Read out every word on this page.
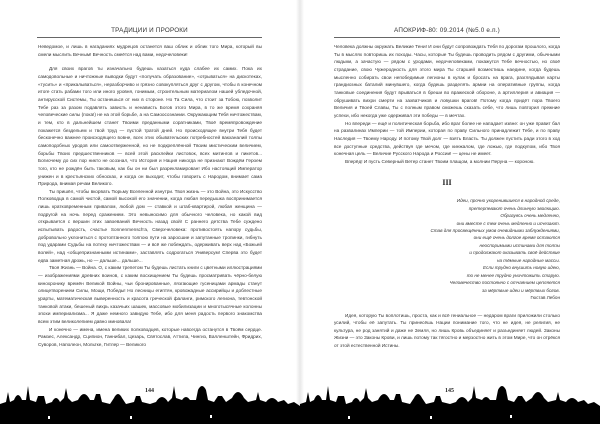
ТРАДИЦИИ И ПРОРОКИ

Неведомое, и лишь в нагаданиях мудрецов останется ваш облик и облик того Мира, который вы смели мыслить Вечным! Вечность смеётся над вами, недочеловеки!

Для своих врагов ты изначально будешь казаться куда слабее их самих. Пока их самодовольные и ничтожные выводки будут «получать образование», «отрываться» на дискотеках, «тусить» и «прикалываться», неразборчиво и грязно совокупляться друг с другом, чтобы в конечном итоге стать рабами того или иного уровня, гонимым, строительным материалом нашей убледочной, антирусской Системы, Ты останешься от них в стороне. Но Та Сила, что стоит за Тобою, позволит Тебе раз за разом подавлять зависть и ненависть Богов этого Мира, в то же время сохраняя человеческие силы (пока!) не на этой борьбе, а на Самоосознании. Окружающим Тебя ничтожествам, и тем, кто в дальнейшем станет Твоими преданными соратниками, Твоё времяпровождение покажется бездельем и твой труд — пустой тратой дней. Но происходящее внутри Тебя будет бесконечно важнее происходящего вовне, всех этих обывательских потребностей вакханалий толпы самоподобных уродов или самоотверженной, но не подкреплённой Твоим мистическим величием, борьбы Твоих предшественников — всей этой расклейки листовок, всех митингов и пикетов... Богиочему до сих пор никто не осознал, что История и Нация никогда не признают Вождём Героем того, кто не рождён быть таковым, как бы он ни был разрекламирован! Ибо настоящий Император унижен и в крестьянских обносках, и когда он выходит, чтобы говорить с Народом, внимает сама Природа, внимая речам Великого.

Ты пришёл, чтобы вкорвать Тюрьму Вселенной изнутри. Твоя жизнь — это Война, это Искусство Полководца в самой чистой, самой высокой его значении, когда любая передышка воспринимается лишь кратковременным привалом, любой дом — ставкой и штаб-квартирой, любая женщина — подругой на ночь перед сражением. Это невыносимо для обычного человека, но какой вид открывается с вершин этих завоеваний Вечность назад свой! С раннего детства Тебе суждено испытывать радость, счастье Sonnenmensch'а, Сверхчеловека: противостоять напору судьбы, добровольно уклониться с протоптанного толпою пути на заросшие и запутанные тропинки, гибнуть под ударами Судьбы на потеху ничтожествам — и всё же побеждать, одерживать верх над «Божьей волей», над «общепризнанными истинами», заставлять содрогаться Универсум! Сперва это будет едва заметная дрожь, но — дальше... дальше...

Твоя Жизнь — Война. О, с каким трепетом Ты будешь листать книги с цветными иллюстрациями — изображениями древних воинов, с каким восхищением Ты будешь просматривать чёрно-белую кинохронику времён Великой Войны, чьи бронированные, лязгающие гусеницами армады станут олицетворением Силы, Мощи, Победы! Но лесницы египтян, кровожадные ассирийцы и доблестные урарты, математическая выверенность и красота греческой фаланги, римского легиона, тевтонской танковой атаки, бешеный вихрь казачьих шашек, массовые мобилизации и многотысячные колонны эпохи империализма... Я даже немного завидую Тебе, ибо для меня радость первого знакомства всем этим великолепием давно миновала!

И конечно — имена, имена великих полководцев, которые навсегда останутся в Твоём сердце. Рамзес, Александр, Сципион, Ганнибал, Цезарь, Святослав, Аттила, Чингиз, Валленштейн, Фридрих, Суворов, Наполеон, Мольтке, Гитлер — Великого

144
АПОКРИФ-80: 09.2014 (№5.0 е.п.)

Человека должны окружать Великие Тени! И они будут сопровождать Тебя по дорогам прошлого, когда Ты в мыслях повторишь их походы. Часы, которые Ты будешь проводить рядом с другими, обычными людьми, а зачастую — рядом с уродами, недочеловеками, покажутся Тебе вечностью, но своё страдание, свою Чужеродность для этого мира Ты старшей возместишь наедине, когда будешь мысленно собирать свои непобедимые легионы в кулак и бросать на врага, разглядывая карты грандиозных баталий минувшего, когда будешь разделять армии на оперативные группы, когда танковые соединения будут врываться в бреши во вражеской обороне, а артиллерия и авиация — обрушивать вихри смерти на захватчиков и ловушки врагов! Потому когда придёт пора Твоего Величия и Твоей Славы, Ты с полным правом сможешь сказать себе, что лишь повторил прежние успехи, ибо некогда уже одерживал эти победы — в мечтах.

Но впереди — ещё и политическая борьба, ибо враг более не нападает извне: он уже правит бал на развалинах Империи — той Империи, которая по праву Сильного принадлежит Тебе, и по праву Наследия — Твоему Народу. И потому Твой долг — взять Власть. Ты должен пустить ради этого в ход все доступные средства, действуя где мечом, где кинжалом, где ложью, где подкупом, ибо Твоя конечная цель — Величие Русского Народа и России! — цены не имеет.

Вперёд! И пусть Северный Ветер станет Твоим плащом, а молнии Перуна — короною.

III
Идеи, прочно укоренившиеся в народной среде,
претерпевают очень длинную эволюцию.
Образуясь очень медленно,
они вместе с тем очень медленно и исчезают.
Став для просвещённых умов очевидными заблуждениями,
они ещё очень долгое время остаются
неоспоримыми истинами для толпы
и продолжают оказывать своё действие
на тёмные народные массы.
Если трудно внушить новую идею,
то не менее трудно уничтожить старую.
Человечество постоянно с отчаянием цепляется
за мёртвые идеи и мёртвых богов.
Гюстав Лебон

Идея, которую Ты воплотишь, проста, как и всё гениальное — недаром враги приложили столько усилий, чтобы её запутать. Ты принесёшь Нации понимание того, что не идея, не религия, не культура, не род занятий и даже не Земля, но лишь Кровь объединяет и разъединяет людей. Законы Жизни — это Законы Крови, и лишь потому так тягостно и мерзостно жить в этом Мире, что он отрёкся от этой естественной Истины.

145
